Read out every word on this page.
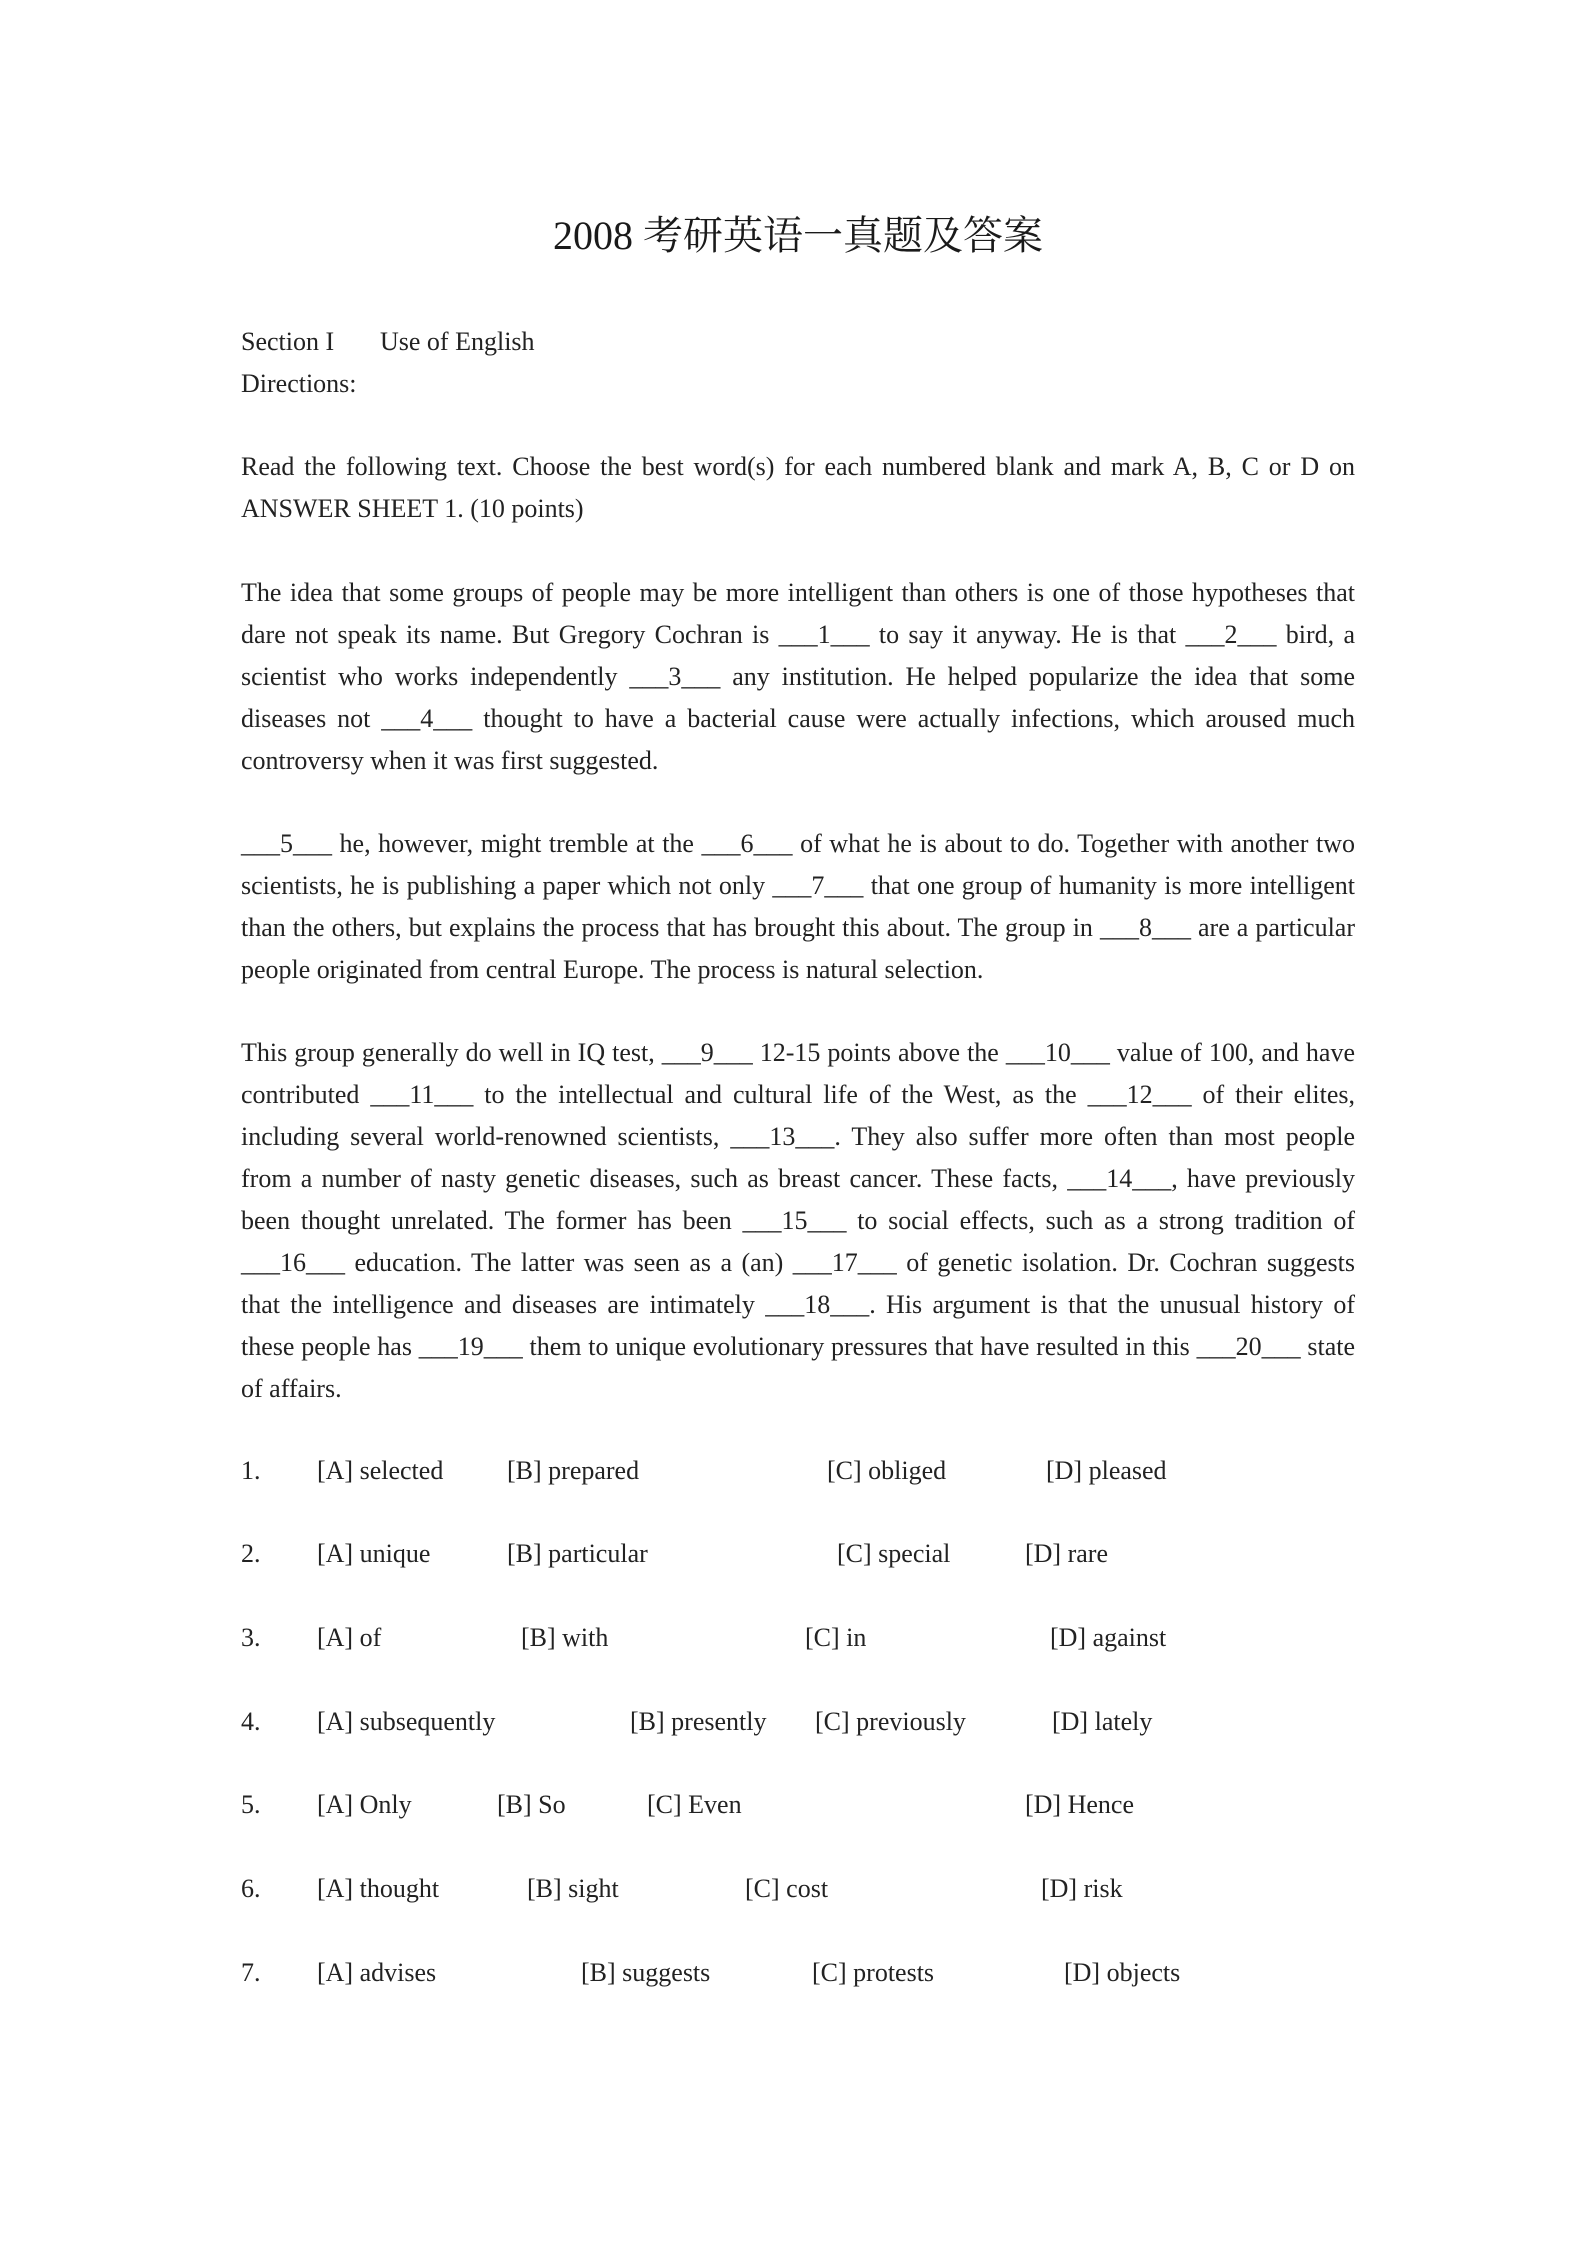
2008 考研英语一真题及答案
Section I Use of English
Directions:

Read the following text. Choose the best word(s) for each numbered blank and mark A, B, C or D on ANSWER SHEET 1. (10 points)

The idea that some groups of people may be more intelligent than others is one of those hypotheses that dare not speak its name. But Gregory Cochran is ___1___ to say it anyway. He is that ___2___ bird, a scientist who works independently ___3___ any institution. He helped popularize the idea that some diseases not ___4___ thought to have a bacterial cause were actually infections, which aroused much controversy when it was first suggested.

___5___ he, however, might tremble at the ___6___ of what he is about to do. Together with another two scientists, he is publishing a paper which not only ___7___ that one group of humanity is more intelligent than the others, but explains the process that has brought this about. The group in ___8___ are a particular people originated from central Europe. The process is natural selection.

This group generally do well in IQ test, ___9___ 12-15 points above the ___10___ value of 100, and have contributed ___11___ to the intellectual and cultural life of the West, as the ___12___ of their elites, including several world-renowned scientists, ___13___. They also suffer more often than most people from a number of nasty genetic diseases, such as breast cancer. These facts, ___14___, have previously been thought unrelated. The former has been ___15___ to social effects, such as a strong tradition of ___16___ education. The latter was seen as a (an) ___17___ of genetic isolation. Dr. Cochran suggests that the intelligence and diseases are intimately ___18___. His argument is that the unusual history of these people has ___19___ them to unique evolutionary pressures that have resulted in this ___20___ state of affairs.

1. [A] selected [B] prepared	[C] obliged	[D] pleased
2. [A] unique	[B] particular	[C] special	[D] rare
3. [A] of	[B] with	[C] in	[D] against
4. [A] subsequently	[B] presently [C] previously	[D] lately
5. [A] Only	[B] So	[C] Even	[D] Hence
6. [A] thought	[B] sight	[C] cost	[D] risk
7. [A] advises	[B] suggests	[C] protests	[D] objects
